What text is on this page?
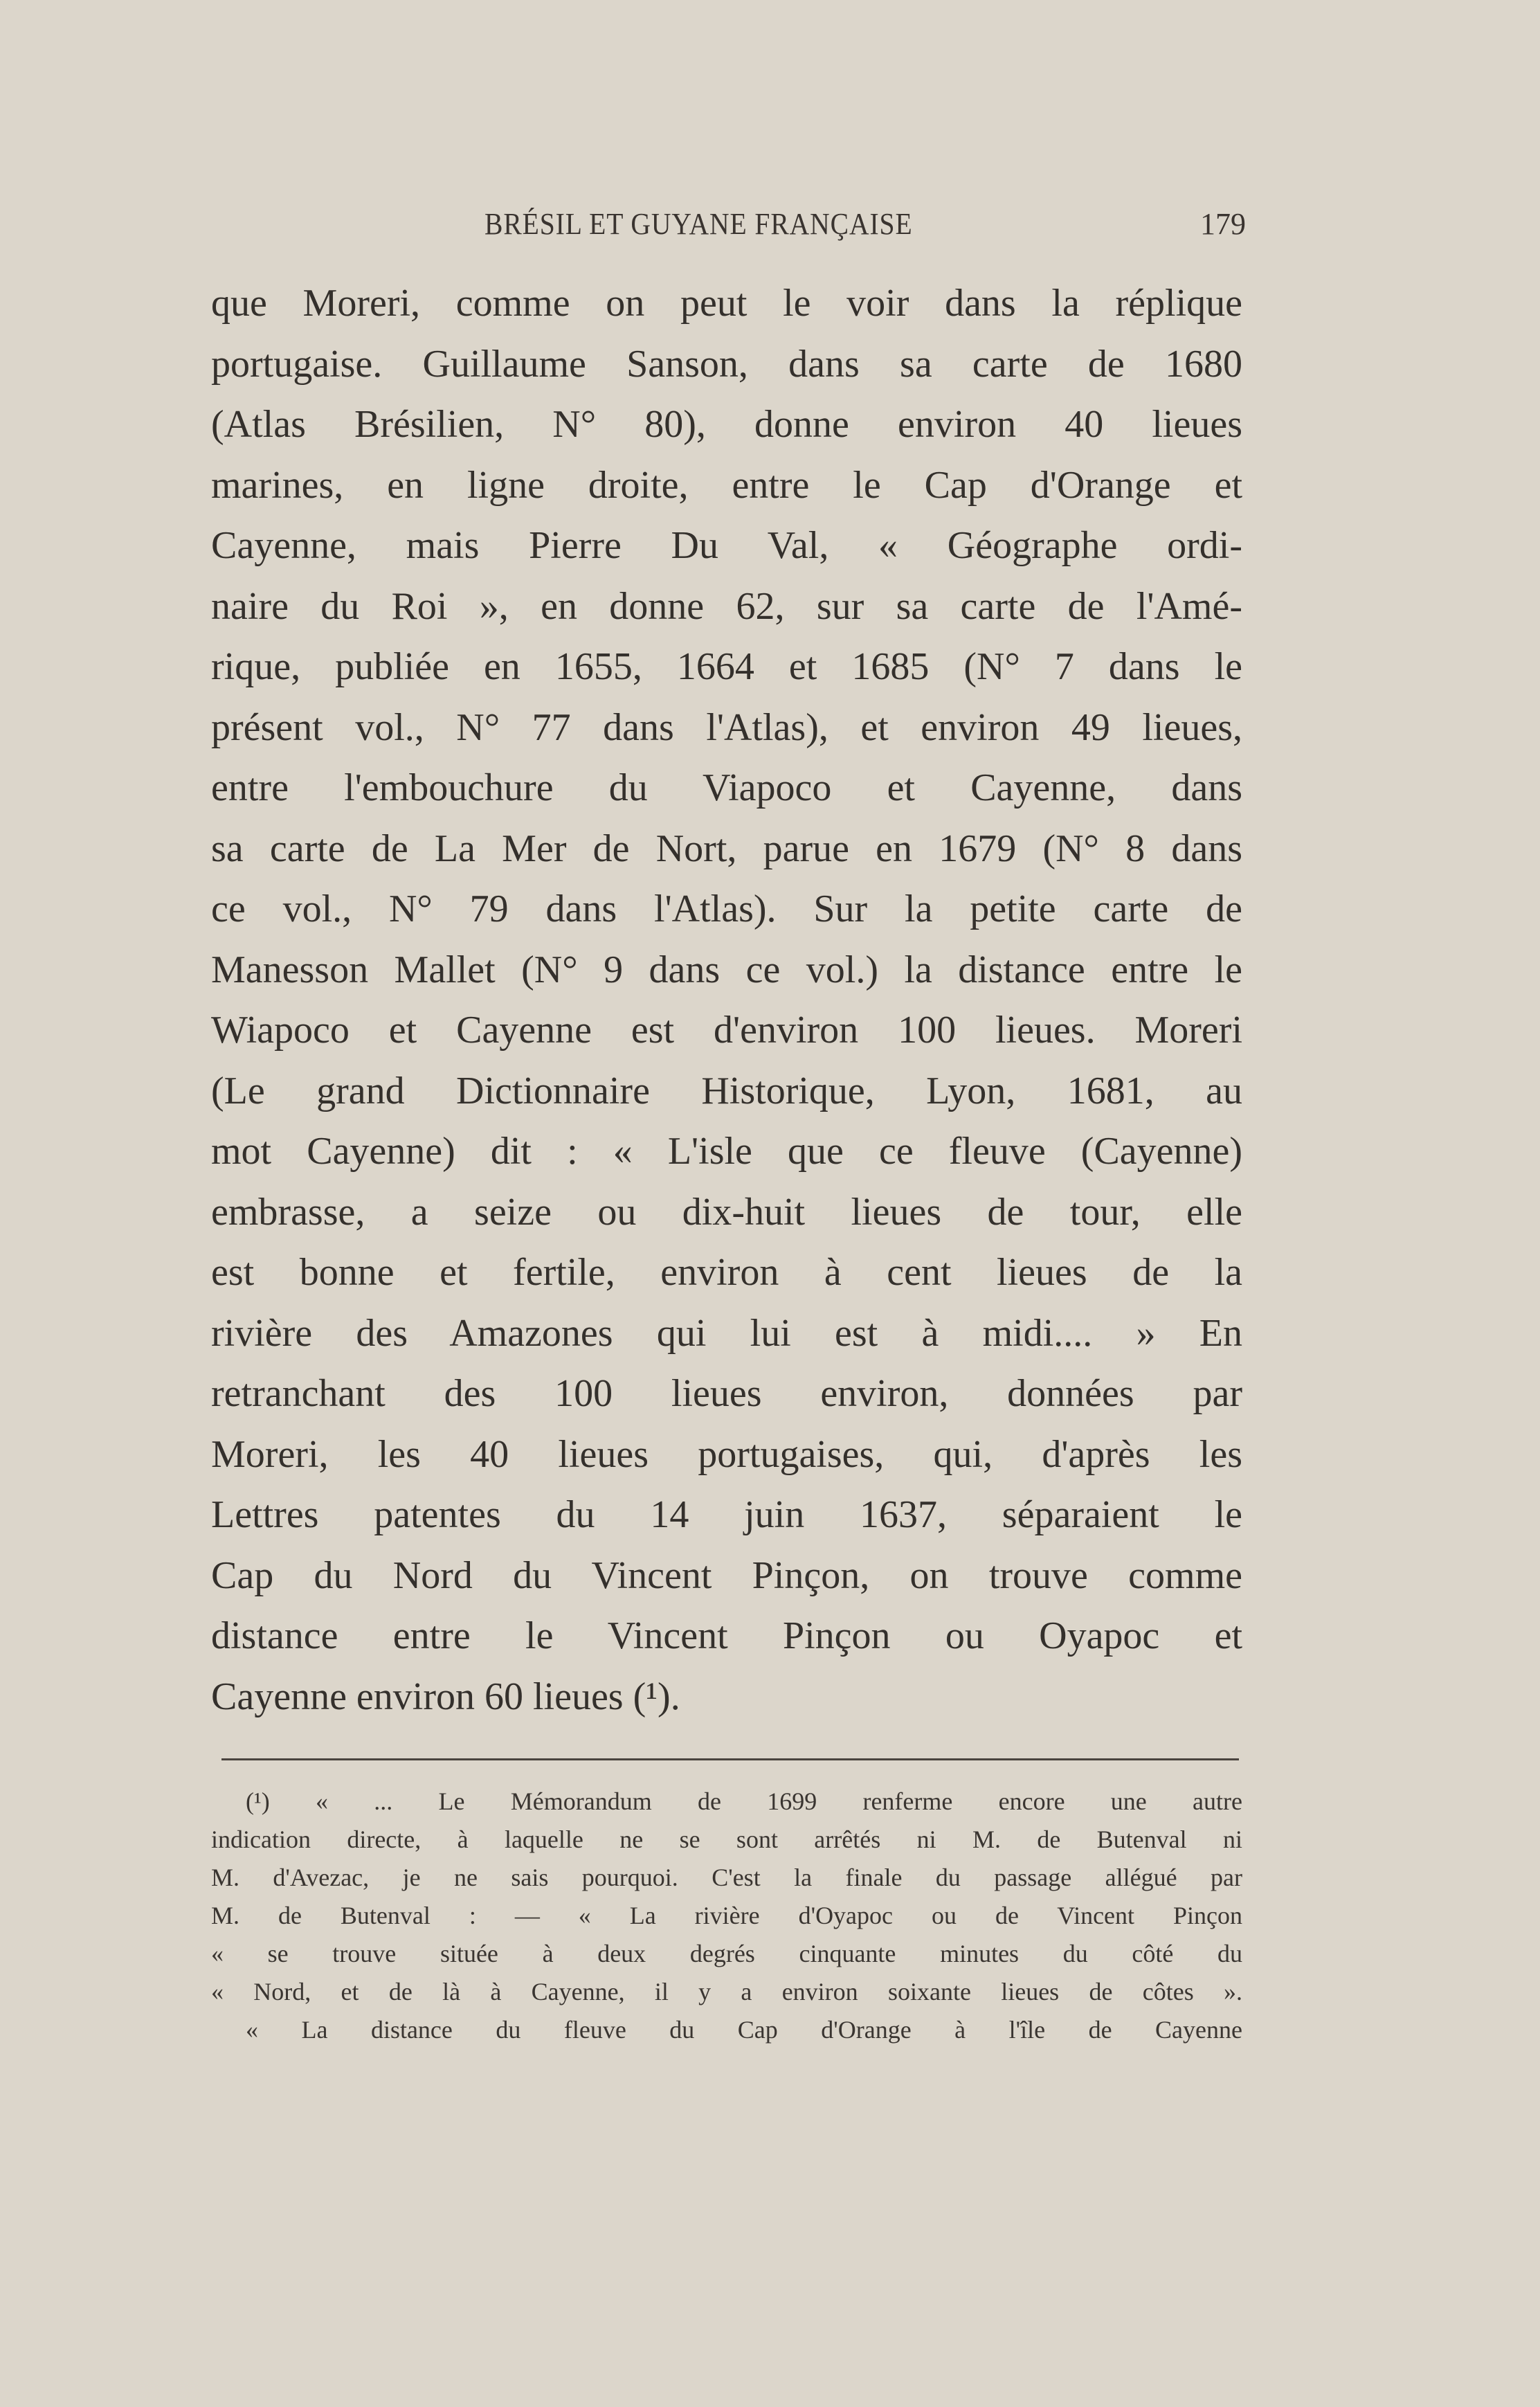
BRÉSIL ET GUYANE FRANÇAISE	179
que Moreri, comme on peut le voir dans la réplique
portugaise. Guillaume Sanson, dans sa carte de 1680
(Atlas Brésilien, N° 80), donne environ 40 lieues
marines, en ligne droite, entre le Cap d'Orange et
Cayenne, mais Pierre Du Val, « Géographe ordi-
naire du Roi », en donne 62, sur sa carte de l'Amé-
rique, publiée en 1655, 1664 et 1685 (N° 7 dans le
présent vol., N° 77 dans l'Atlas), et environ 49 lieues,
entre l'embouchure du Viapoco et Cayenne, dans
sa carte de La Mer de Nort, parue en 1679 (N° 8 dans
ce vol., N° 79 dans l'Atlas). Sur la petite carte de
Manesson Mallet (N° 9 dans ce vol.) la distance entre le
Wiapoco et Cayenne est d'environ 100 lieues. Moreri
(Le grand Dictionnaire Historique, Lyon, 1681, au
mot Cayenne) dit : « L'isle que ce fleuve (Cayenne)
embrasse, a seize ou dix-huit lieues de tour, elle
est bonne et fertile, environ à cent lieues de la
rivière des Amazones qui lui est à midi.... » En
retranchant des 100 lieues environ, données par
Moreri, les 40 lieues portugaises, qui, d'après les
Lettres patentes du 14 juin 1637, séparaient le
Cap du Nord du Vincent Pinçon, on trouve comme
distance entre le Vincent Pinçon ou Oyapoc et
Cayenne environ 60 lieues (¹).
(¹) « ... Le Mémorandum de 1699 renferme encore une autre
indication directe, à laquelle ne se sont arrêtés ni M. de Butenval ni
M. d'Avezac, je ne sais pourquoi. C'est la finale du passage allégué par
M. de Butenval : — « La rivière d'Oyapoc ou de Vincent Pinçon
« se trouve située à deux degrés cinquante minutes du côté du
« Nord, et de là à Cayenne, il y a environ soixante lieues de côtes ».
« La distance du fleuve du Cap d'Orange à l'île de Cayenne
